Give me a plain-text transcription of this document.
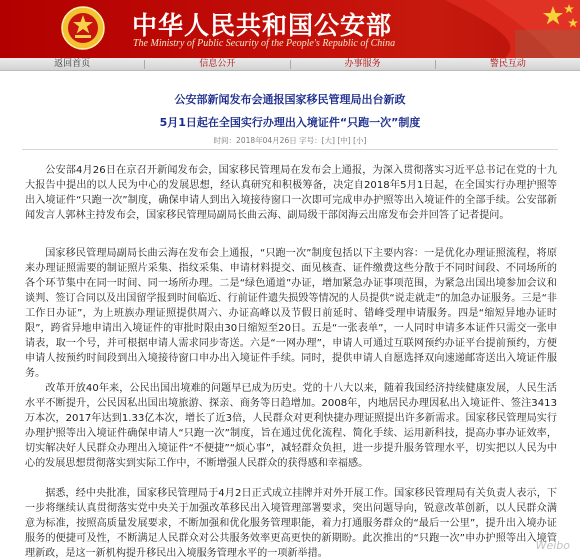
中华人民共和国公安部
The Ministry of Public Security of the People's Republic of China
返回首页	信息公开	办事服务	警民互动
公安部新闻发布会通报国家移民管理局出台新政
5月1日起在全国实行办理出入境证件“只跑一次”制度
时间：2018年04月26日 字号：[大] [中] [小]
公安部4月26日在京召开新闻发布会，国家移民管理局在发布会上通报，为深入贯彻落实习近平总书记在党的十九大报告中提出的以人民为中心的发展思想，经认真研究和积极筹备，决定自2018年5月1日起，在全国实行办理护照等出入境证件“只跑一次”制度，确保申请人到出入境接待窗口一次即可完成申办护照等出入境证件的全部手续。公安部新闻发言人郭林主持发布会，国家移民管理局副局长曲云海、副局级干部闵海云出席发布会并回答了记者提问。
国家移民管理局副局长曲云海在发布会上通报，“只跑一次”制度包括以下主要内容：一是优化办理证照流程，将原来办理证照需要的制证照片采集、指纹采集、申请材料提交、面见核查、证件缴费这些分散于不同时间段、不同场所的各个环节集中在同一时间、同一场所办理。二是“绿色通道”办证，增加紧急办证事项范围，为紧急出国出境参加会议和谈判、签订合同以及出国留学报到时间临近、行前证件遗失损毁等情况的人员提供“说走就走”的加急办证服务。三是“非工作日办证”，为上班族办理证照提供周六、办证高峰以及节假日前延时、错峰受理申请服务。四是“缩短异地办证时限”，跨省异地申请出入境证件的审批时限由30日缩短至20日。五是“一张表单”，一人同时申请多本证件只需交一张申请表，取一个号，并可根据申请人需求同步寄送。六是“一网办理”，申请人可通过互联网预约办证平台提前预约，方便申请人按预约时间段到出入境接待窗口申办出入境证件手续。同时，提供申请人自愿选择双向速递邮寄送出入境证件服务。
改革开放40年来，公民出国出境难的问题早已成为历史。党的十八大以来，随着我国经济持续健康发展，人民生活水平不断提升，公民因私出国出境旅游、探亲、商务等日趋增加。2008年，内地居民办理因私出入境证件、签注3413万本次，2017年达到1.33亿本次，增长了近3倍，人民群众对更利快捷办理证照提出许多新需求。国家移民管理局实行办理护照等出入境证件确保申请人“只跑一次”制度，旨在通过优化流程、简化手续、运用新科技，提高办事办证效率，切实解决好人民群众办理出入境证件“不便捷”“烦心事”，减轻群众负担，进一步提升服务管理水平，切实把以人民为中心的发展思想贯彻落实到实际工作中，不断增强人民群众的获得感和幸福感。
据悉，经中央批准，国家移民管理局于4月2日正式成立挂牌并对外开展工作。国家移民管理局有关负责人表示，下一步将继续认真贯彻落实党中央关于加强改革移民出入境管理部署要求，突出问题导向，锐意改革创新，以人民群众满意为标准，按照高质量发展要求，不断加强和优化服务管理职能，着力打通服务群众的“最后一公里”，提升出入境办证服务的便捷可及性，不断满足人民群众对公共服务效率更高更快的新期盼。此次推出的“只跑一次”申办护照等出入境管理新政，是这一新机构提升移民出入境服务管理水平的一项新举措。
Weibo
